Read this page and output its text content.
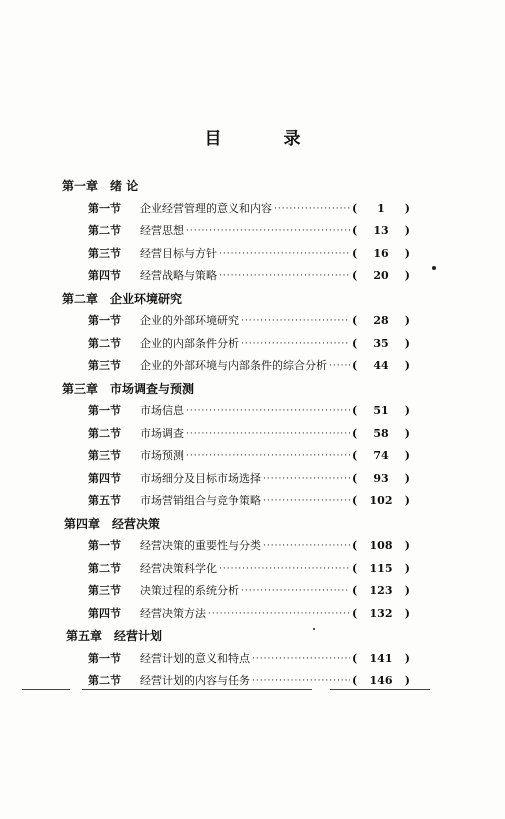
目 录
第一章 绪 论
第一节	企业经营管理的意义和内容 ·····	(	1	)
第二节	经营思想 ·····	(	13	)
第三节	经营目标与方针 ·····	(	16	)
第四节	经营战略与策略 ·····	(	20	)
第二章 企业环境研究
第一节	企业的外部环境研究 ·····	(	28	)
第二节	企业的内部条件分析 ·····	(	35	)
第三节	企业的外部环境与内部条件的综合分析 ····· (	44	)
第三章 市场调查与预测
第一节	市场信息 ·····	(	51	)
第二节	市场调查 ·····	(	58	)
第三节	市场预测 ·····	(	74	)
第四节	市场细分及目标市场选择 ·····	(	93	)
第五节	市场营销组合与竞争策略 ·····	(	102	)
第四章 经营决策
第一节	经营决策的重要性与分类 ·····	(	108	)
第二节	经营决策科学化 ·····	(	115	)
第三节	决策过程的系统分析 ·····	(	123	)
第四节	经营决策方法 ·····	(	132	)
第五章 经营计划
第一节	经营计划的意义和特点 ·····	(	141	)
第二节	经营计划的内容与任务 ·····	(	146	)
